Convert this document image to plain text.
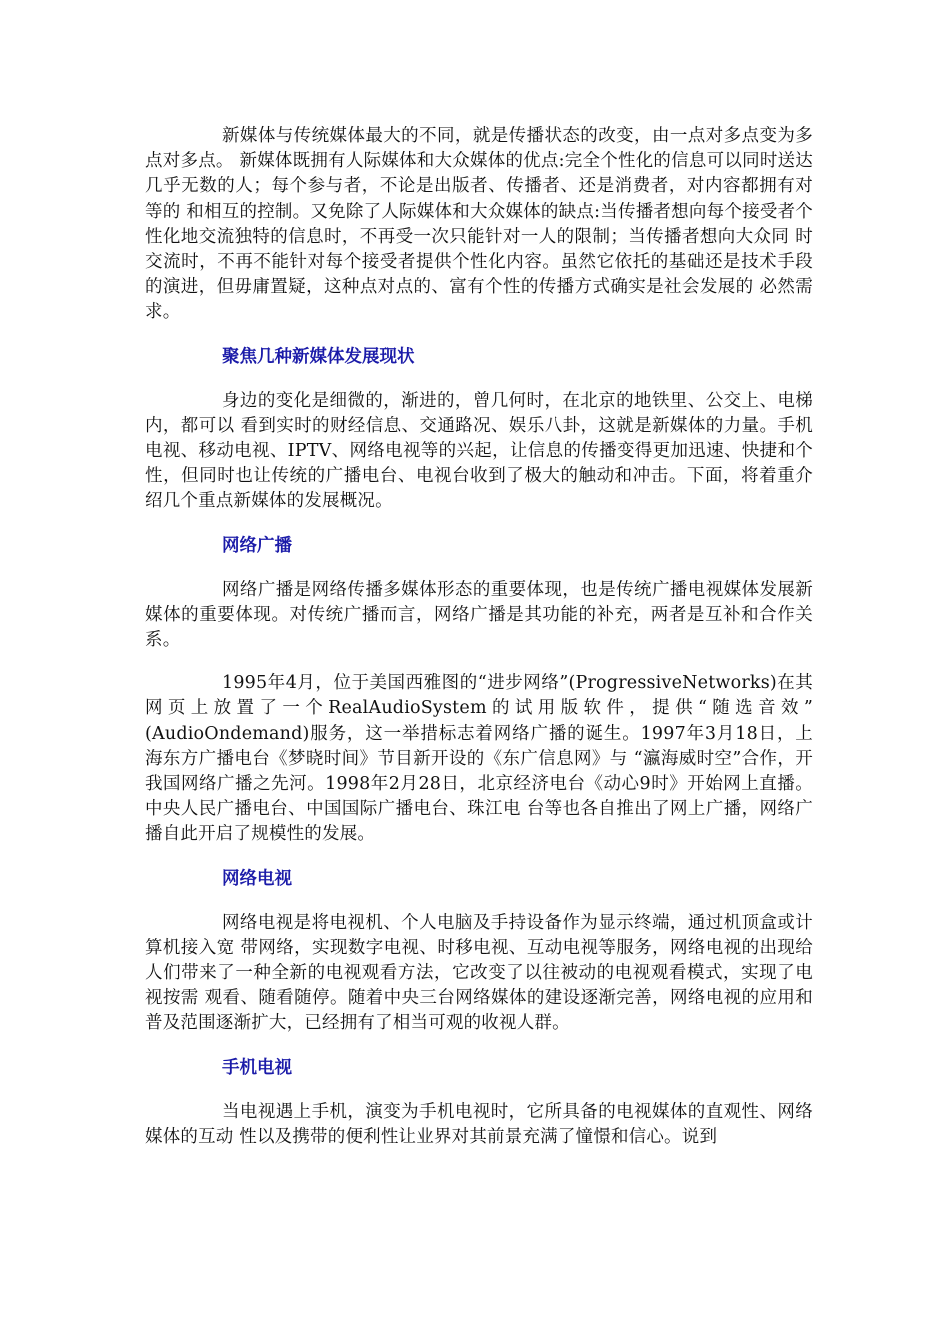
新媒体与传统媒体最大的不同，就是传播状态的改变，由一点对多点变为多点对多点。 新媒体既拥有人际媒体和大众媒体的优点:完全个性化的信息可以同时送达几乎无数的人；每个参与者，不论是出版者、传播者、还是消费者，对内容都拥有对等的 和相互的控制。又免除了人际媒体和大众媒体的缺点:当传播者想向每个接受者个性化地交流独特的信息时，不再受一次只能针对一人的限制；当传播者想向大众同 时交流时，不再不能针对每个接受者提供个性化内容。虽然它依托的基础还是技术手段的演进，但毋庸置疑，这种点对点的、富有个性的传播方式确实是社会发展的 必然需求。

聚焦几种新媒体发展现状

身边的变化是细微的，渐进的，曾几何时，在北京的地铁里、公交上、电梯内，都可以 看到实时的财经信息、交通路况、娱乐八卦，这就是新媒体的力量。手机电视、移动电视、IPTV、网络电视等的兴起，让信息的传播变得更加迅速、快捷和个 性，但同时也让传统的广播电台、电视台收到了极大的触动和冲击。下面，将着重介绍几个重点新媒体的发展概况。

网络广播

网络广播是网络传播多媒体形态的重要体现，也是传统广播电视媒体发展新媒体的重要体现。对传统广播而言，网络广播是其功能的补充，两者是互补和合作关系。

1995年4月，位于美国西雅图的“进步网络”(ProgressiveNetworks)在其网页上放置了一个RealAudioSystem的试用版软件，提供“随选音效” (AudioOndemand)服务，这一举措标志着网络广播的诞生。1997年3月18日，上海东方广播电台《梦晓时间》节目新开设的《东广信息网》与 “瀛海威时空”合作，开我国网络广播之先河。1998年2月28日，北京经济电台《动心9时》开始网上直播。中央人民广播电台、中国国际广播电台、珠江电 台等也各自推出了网上广播，网络广播自此开启了规模性的发展。

网络电视

网络电视是将电视机、个人电脑及手持设备作为显示终端，通过机顶盒或计算机接入宽 带网络，实现数字电视、时移电视、互动电视等服务，网络电视的出现给人们带来了一种全新的电视观看方法，它改变了以往被动的电视观看模式，实现了电视按需 观看、随看随停。随着中央三台网络媒体的建设逐渐完善，网络电视的应用和普及范围逐渐扩大，已经拥有了相当可观的收视人群。

手机电视

当电视遇上手机，演变为手机电视时，它所具备的电视媒体的直观性、网络媒体的互动 性以及携带的便利性让业界对其前景充满了憧憬和信心。说到
